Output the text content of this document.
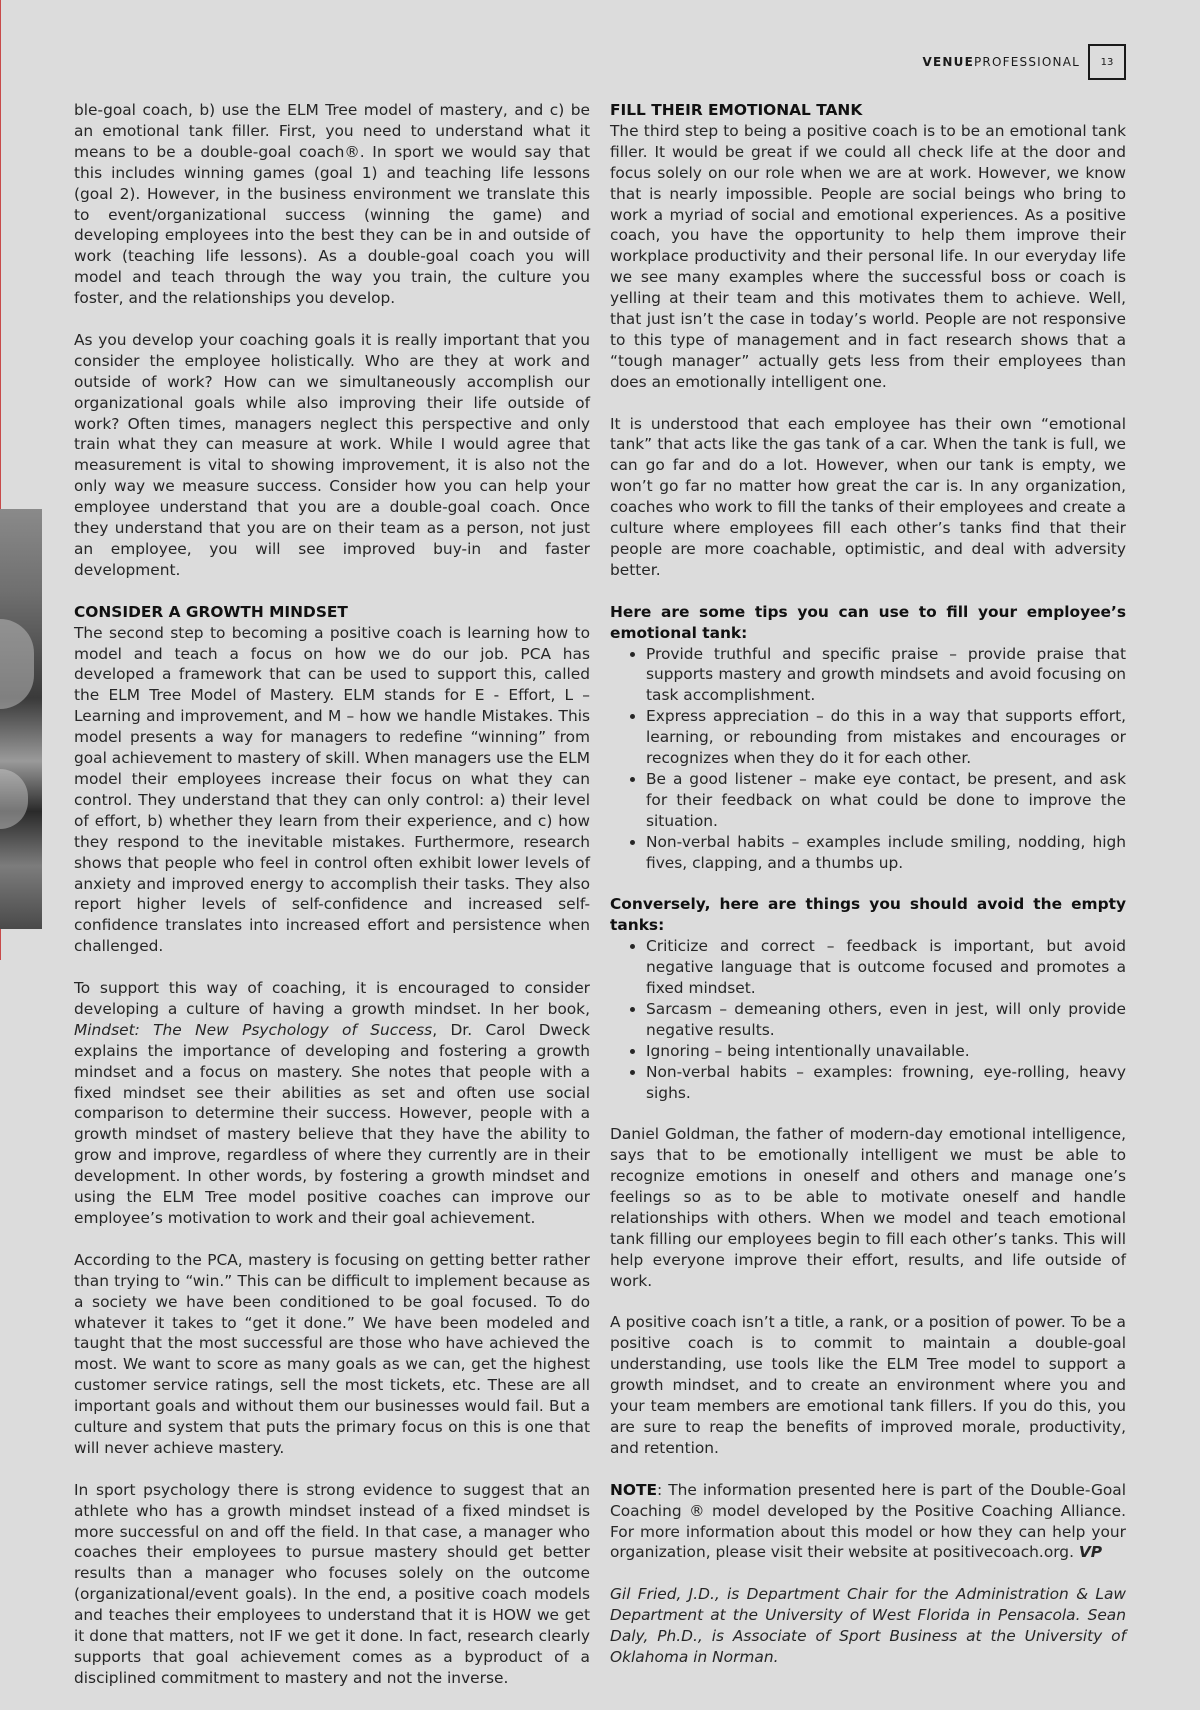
VENUEPROFESSIONAL	13

ble-goal coach, b) use the ELM Tree model of mastery, and c) be an emotional tank filler. First, you need to understand what it means to be a double-goal coach®. In sport we would say that this includes winning games (goal 1) and teaching life lessons (goal 2). However, in the business environment we translate this to event/organizational success (winning the game) and developing employees into the best they can be in and outside of work (teaching life lessons). As a double-goal coach you will model and teach through the way you train, the culture you foster, and the relationships you develop.

As you develop your coaching goals it is really important that you consider the employee holistically. Who are they at work and outside of work? How can we simultaneously accomplish our organizational goals while also improving their life outside of work? Often times, managers neglect this perspective and only train what they can measure at work. While I would agree that measurement is vital to showing improvement, it is also not the only way we measure success. Consider how you can help your employee understand that you are a double-goal coach. Once they understand that you are on their team as a person, not just an employee, you will see improved buy-in and faster development.

CONSIDER A GROWTH MINDSET

The second step to becoming a positive coach is learning how to model and teach a focus on how we do our job. PCA has developed a framework that can be used to support this, called the ELM Tree Model of Mastery. ELM stands for E - Effort, L – Learning and improvement, and M – how we handle Mistakes. This model presents a way for managers to redefine “winning” from goal achievement to mastery of skill. When managers use the ELM model their employees increase their focus on what they can control. They understand that they can only control: a) their level of effort, b) whether they learn from their experience, and c) how they respond to the inevitable mistakes. Furthermore, research shows that people who feel in control often exhibit lower levels of anxiety and improved energy to accomplish their tasks. They also report higher levels of self-confidence and increased self-confidence translates into increased effort and persistence when challenged.

To support this way of coaching, it is encouraged to consider developing a culture of having a growth mindset. In her book, Mindset: The New Psychology of Success, Dr. Carol Dweck explains the importance of developing and fostering a growth mindset and a focus on mastery. She notes that people with a fixed mindset see their abilities as set and often use social comparison to determine their success. However, people with a growth mindset of mastery believe that they have the ability to grow and improve, regardless of where they currently are in their development. In other words, by fostering a growth mindset and using the ELM Tree model positive coaches can improve our employee’s motivation to work and their goal achievement.

According to the PCA, mastery is focusing on getting better rather than trying to “win.” This can be difficult to implement because as a society we have been conditioned to be goal focused. To do whatever it takes to “get it done.” We have been modeled and taught that the most successful are those who have achieved the most. We want to score as many goals as we can, get the highest customer service ratings, sell the most tickets, etc. These are all important goals and without them our businesses would fail. But a culture and system that puts the primary focus on this is one that will never achieve mastery.

In sport psychology there is strong evidence to suggest that an athlete who has a growth mindset instead of a fixed mindset is more successful on and off the field. In that case, a manager who coaches their employees to pursue mastery should get better results than a manager who focuses solely on the outcome (organizational/event goals). In the end, a positive coach models and teaches their employees to understand that it is HOW we get it done that matters, not IF we get it done. In fact, research clearly supports that goal achievement comes as a byproduct of a disciplined commitment to mastery and not the inverse.

FILL THEIR EMOTIONAL TANK

The third step to being a positive coach is to be an emotional tank filler. It would be great if we could all check life at the door and focus solely on our role when we are at work. However, we know that is nearly impossible. People are social beings who bring to work a myriad of social and emotional experiences. As a positive coach, you have the opportunity to help them improve their workplace productivity and their personal life. In our everyday life we see many examples where the successful boss or coach is yelling at their team and this motivates them to achieve. Well, that just isn’t the case in today’s world. People are not responsive to this type of management and in fact research shows that a “tough manager” actually gets less from their employees than does an emotionally intelligent one.

It is understood that each employee has their own “emotional tank” that acts like the gas tank of a car. When the tank is full, we can go far and do a lot. However, when our tank is empty, we won’t go far no matter how great the car is. In any organization, coaches who work to fill the tanks of their employees and create a culture where employees fill each other’s tanks find that their people are more coachable, optimistic, and deal with adversity better.

Here are some tips you can use to fill your employee’s emotional tank:
• Provide truthful and specific praise – provide praise that supports mastery and growth mindsets and avoid focusing on task accomplishment.
• Express appreciation – do this in a way that supports effort, learning, or rebounding from mistakes and encourages or recognizes when they do it for each other.
• Be a good listener – make eye contact, be present, and ask for their feedback on what could be done to improve the situation.
• Non-verbal habits – examples include smiling, nodding, high fives, clapping, and a thumbs up.
Conversely, here are things you should avoid the empty tanks:
• Criticize and correct – feedback is important, but avoid negative language that is outcome focused and promotes a fixed mindset.
• Sarcasm – demeaning others, even in jest, will only provide negative results.
• Ignoring – being intentionally unavailable.
• Non-verbal habits – examples: frowning, eye-rolling, heavy sighs.

Daniel Goldman, the father of modern-day emotional intelligence, says that to be emotionally intelligent we must be able to recognize emotions in oneself and others and manage one’s feelings so as to be able to motivate oneself and handle relationships with others. When we model and teach emotional tank filling our employees begin to fill each other’s tanks. This will help everyone improve their effort, results, and life outside of work.

A positive coach isn’t a title, a rank, or a position of power. To be a positive coach is to commit to maintain a double-goal understanding, use tools like the ELM Tree model to support a growth mindset, and to create an environment where you and your team members are emotional tank fillers. If you do this, you are sure to reap the benefits of improved morale, productivity, and retention.

NOTE: The information presented here is part of the Double-Goal Coaching ® model developed by the Positive Coaching Alliance. For more information about this model or how they can help your organization, please visit their website at positivecoach.org. VP

Gil Fried, J.D., is Department Chair for the Administration & Law Department at the University of West Florida in Pensacola. Sean Daly, Ph.D., is Associate of Sport Business at the University of Oklahoma in Norman.
